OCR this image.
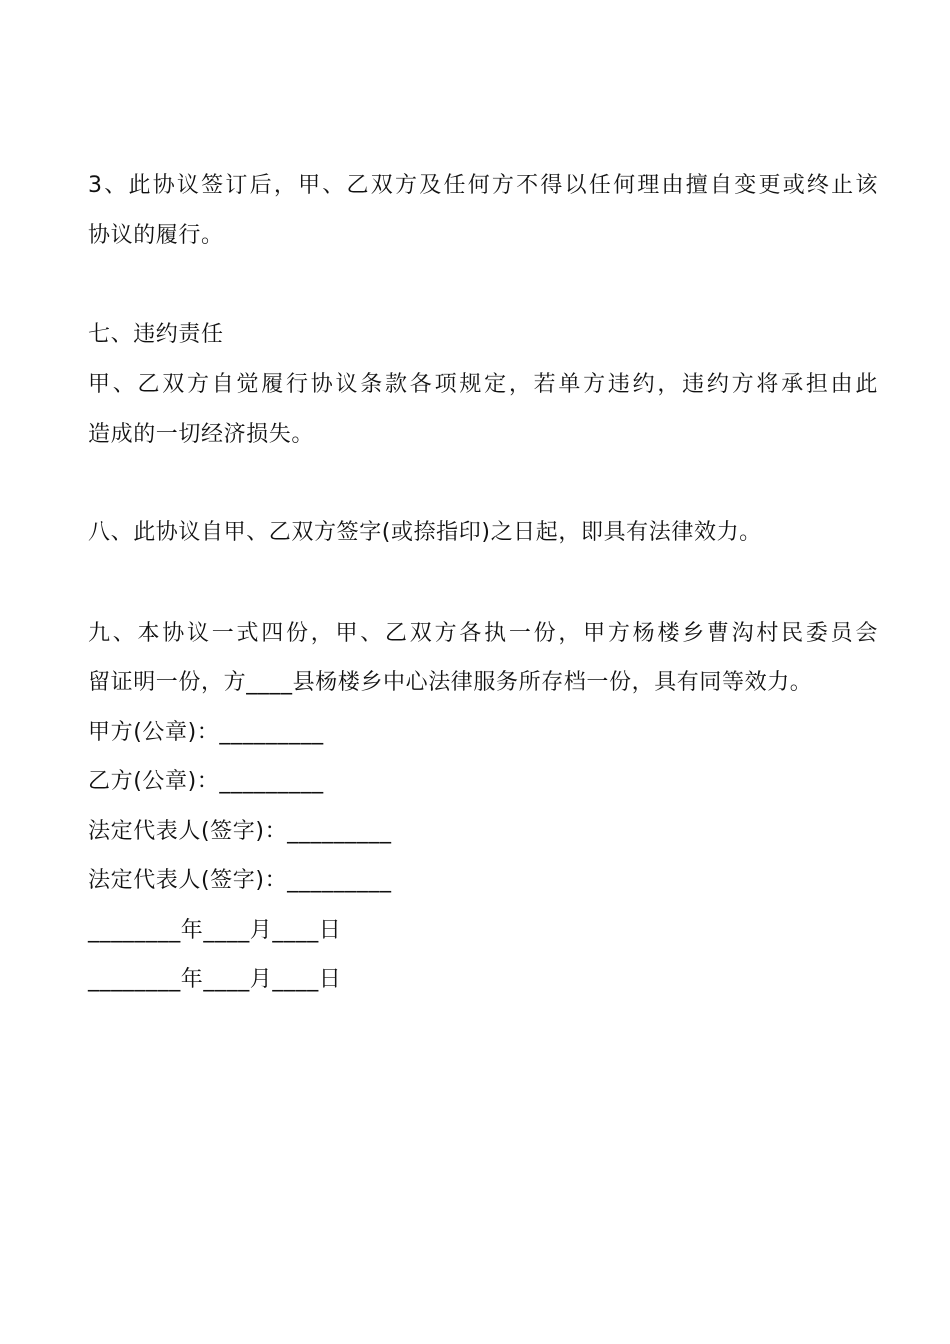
3、此协议签订后，甲、乙双方及任何方不得以任何理由擅自变更或终止该
协议的履行。
七、违约责任
甲、乙双方自觉履行协议条款各项规定，若单方违约，违约方将承担由此
造成的一切经济损失。
八、此协议自甲、乙双方签字(或捺指印)之日起，即具有法律效力。
九、本协议一式四份，甲、乙双方各执一份，甲方杨楼乡曹沟村民委员会
留证明一份，方____县杨楼乡中心法律服务所存档一份，具有同等效力。
甲方(公章)：_________
乙方(公章)：_________
法定代表人(签字)：_________
法定代表人(签字)：_________
________年____月____日
________年____月____日
